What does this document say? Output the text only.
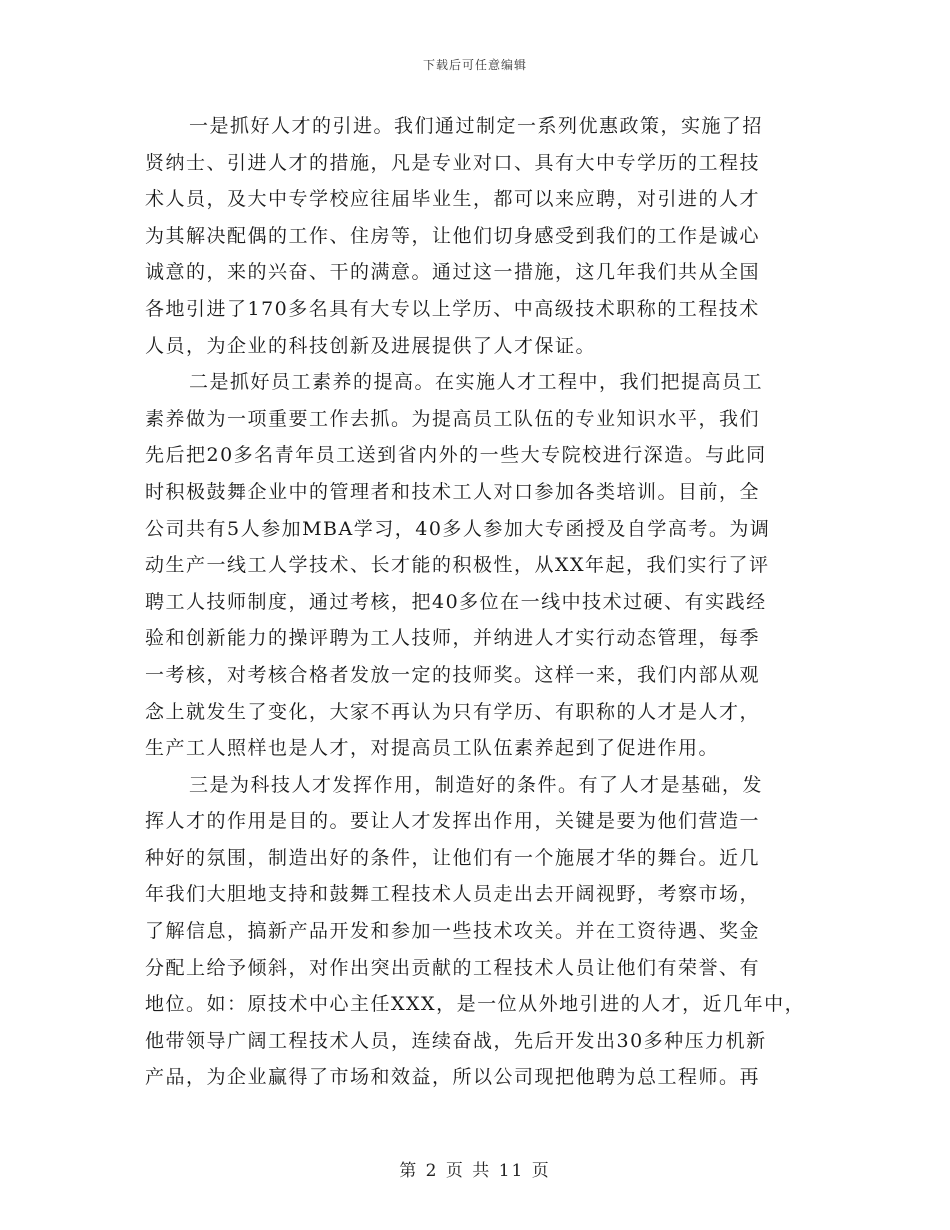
下载后可任意编辑
一是抓好人才的引进。我们通过制定一系列优惠政策，实施了招
贤纳士、引进人才的措施，凡是专业对口、具有大中专学历的工程技
术人员，及大中专学校应往届毕业生，都可以来应聘，对引进的人才
为其解决配偶的工作、住房等，让他们切身感受到我们的工作是诚心
诚意的，来的兴奋、干的满意。通过这一措施，这几年我们共从全国
各地引进了170多名具有大专以上学历、中高级技术职称的工程技术
人员，为企业的科技创新及进展提供了人才保证。
二是抓好员工素养的提高。在实施人才工程中，我们把提高员工
素养做为一项重要工作去抓。为提高员工队伍的专业知识水平，我们
先后把20多名青年员工送到省内外的一些大专院校进行深造。与此同
时积极鼓舞企业中的管理者和技术工人对口参加各类培训。目前，全
公司共有5人参加MBA学习，40多人参加大专函授及自学高考。为调
动生产一线工人学技术、长才能的积极性，从XX年起，我们实行了评
聘工人技师制度，通过考核，把40多位在一线中技术过硬、有实践经
验和创新能力的操评聘为工人技师，并纳进人才实行动态管理，每季
一考核，对考核合格者发放一定的技师奖。这样一来，我们内部从观
念上就发生了变化，大家不再认为只有学历、有职称的人才是人才，
生产工人照样也是人才，对提高员工队伍素养起到了促进作用。
三是为科技人才发挥作用，制造好的条件。有了人才是基础，发
挥人才的作用是目的。要让人才发挥出作用，关键是要为他们营造一
种好的氛围，制造出好的条件，让他们有一个施展才华的舞台。近几
年我们大胆地支持和鼓舞工程技术人员走出去开阔视野，考察市场，
了解信息，搞新产品开发和参加一些技术攻关。并在工资待遇、奖金
分配上给予倾斜，对作出突出贡献的工程技术人员让他们有荣誉、有
地位。如：原技术中心主任XXX，是一位从外地引进的人才，近几年中，
他带领导广阔工程技术人员，连续奋战，先后开发出30多种压力机新
产品，为企业赢得了市场和效益，所以公司现把他聘为总工程师。再
第 2 页 共 11 页
